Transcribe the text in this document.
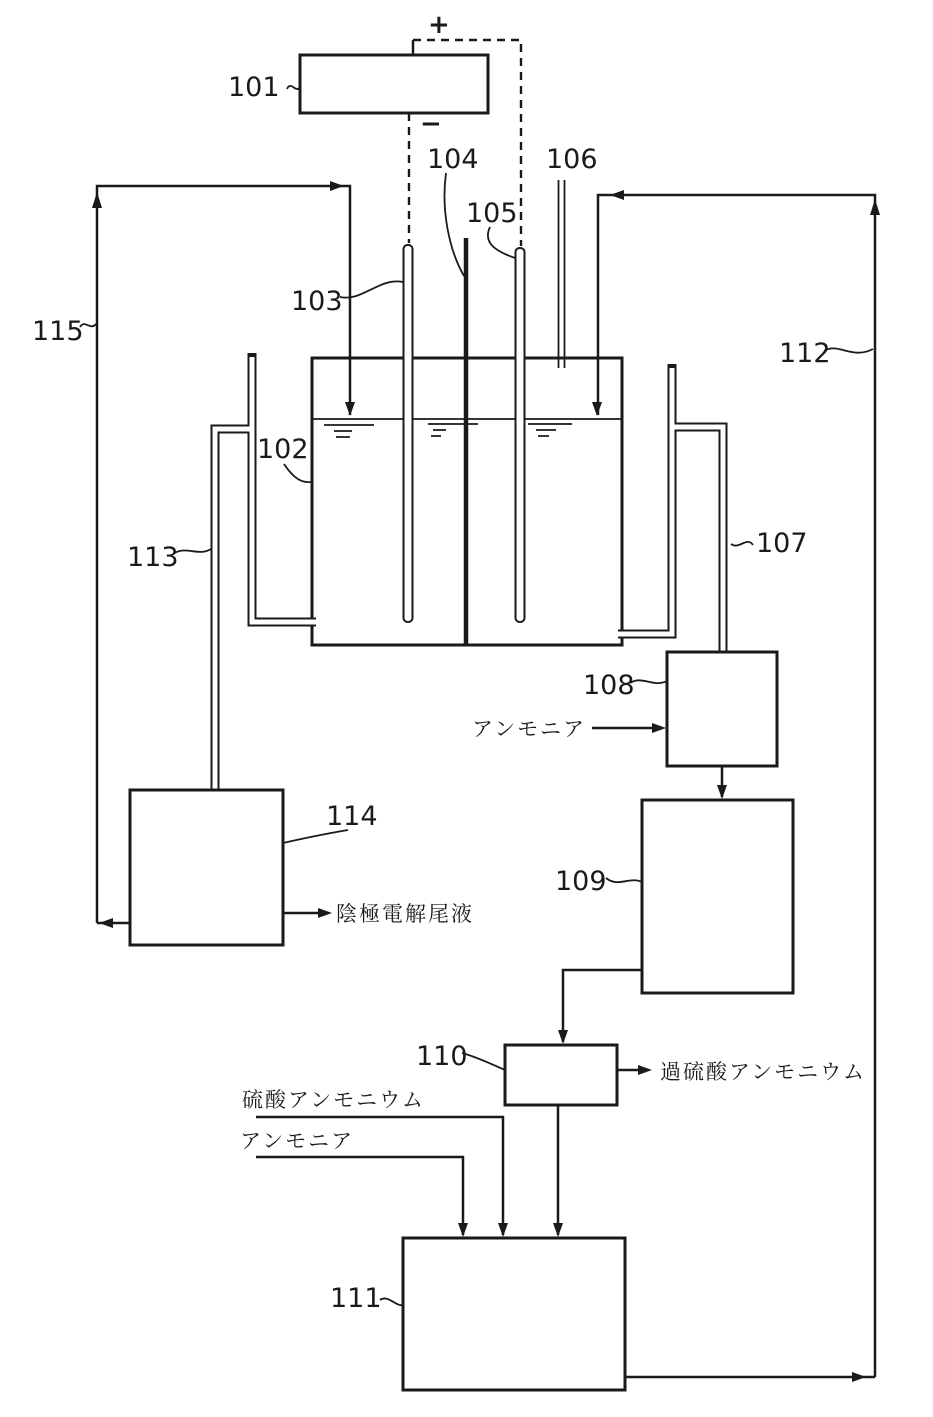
+
−
101
102
103
104
105
106
107
108
109
110
111
112
113
114
115
アンモニア
陰極電解尾液
過硫酸アンモニウム
硫酸アンモニウム
アンモニア
